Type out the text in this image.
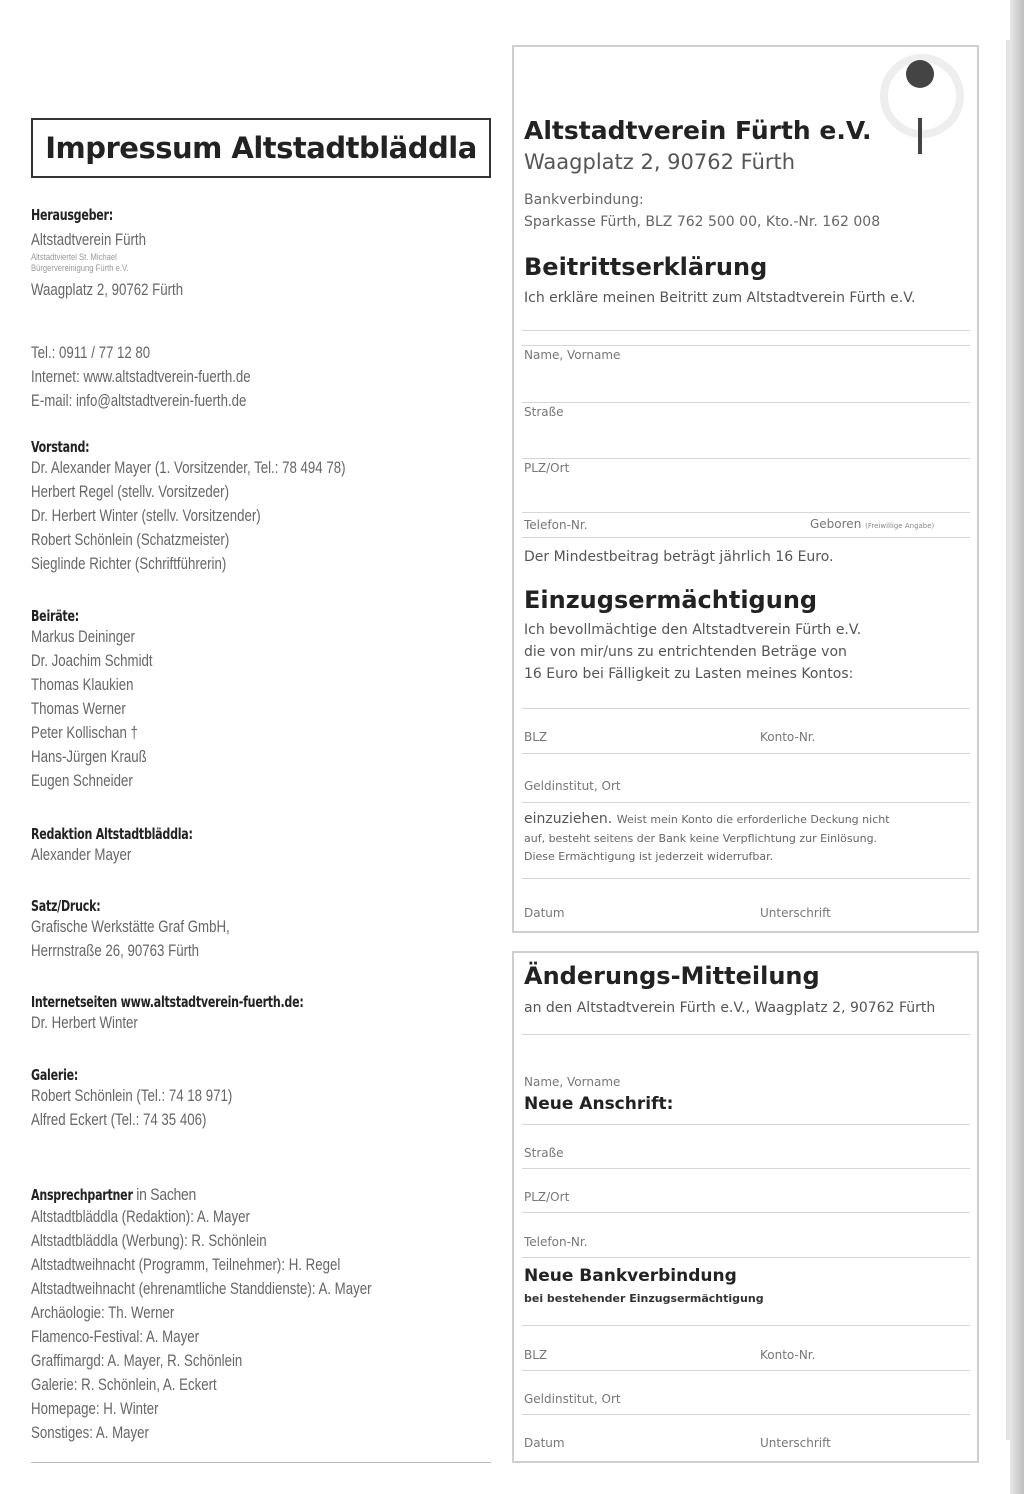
Impressum Altstadtbläddla
Herausgeber:
Altstadtverein Fürth
Altstadtviertel St. Michael
Bürgervereinigung Fürth e.V.
Waagplatz 2, 90762 Fürth
Tel.: 0911 / 77 12 80
Internet: www.altstadtverein-fuerth.de
E-mail: info@altstadtverein-fuerth.de
Vorstand:
Dr. Alexander Mayer (1. Vorsitzender, Tel.: 78 494 78)
Herbert Regel (stellv. Vorsitzeder)
Dr. Herbert Winter (stellv. Vorsitzender)
Robert Schönlein (Schatzmeister)
Sieglinde Richter (Schriftführerin)
Beiräte:
Markus Deininger
Dr. Joachim Schmidt
Thomas Klaukien
Thomas Werner
Peter Kollischan †
Hans-Jürgen Krauß
Eugen Schneider
Redaktion Altstadtbläddla:
Alexander Mayer
Satz/Druck:
Grafische Werkstätte Graf GmbH,
Herrnstraße 26, 90763 Fürth
Internetseiten www.altstadtverein-fuerth.de:
Dr. Herbert Winter
Galerie:
Robert Schönlein (Tel.: 74 18 971)
Alfred Eckert (Tel.: 74 35 406)
Ansprechpartner in Sachen
Altstadtbläddla (Redaktion): A. Mayer
Altstadtbläddla (Werbung): R. Schönlein
Altstadtweihnacht (Programm, Teilnehmer): H. Regel
Altstadtweihnacht (ehrenamtliche Standdienste): A. Mayer
Archäologie: Th. Werner
Flamenco-Festival: A. Mayer
Graffimargd: A. Mayer, R. Schönlein
Galerie: R. Schönlein, A. Eckert
Homepage: H. Winter
Sonstiges: A. Mayer
Altstadtverein Fürth e.V.
Waagplatz 2, 90762 Fürth
Bankverbindung:
Sparkasse Fürth, BLZ 762 500 00, Kto.-Nr. 162 008
Beitrittserklärung
Ich erkläre meinen Beitritt zum Altstadtverein Fürth e.V.
Name, Vorname
Straße
PLZ/Ort
Telefon-Nr.	Geboren (Freiwillige Angabe)
Der Mindestbeitrag beträgt jährlich 16 Euro.
Einzugsermächtigung
Ich bevollmächtige den Altstadtverein Fürth e.V.
die von mir/uns zu entrichtenden Beträge von
16 Euro bei Fälligkeit zu Lasten meines Kontos:
BLZ	Konto-Nr.
Geldinstitut, Ort
einzuziehen. Weist mein Konto die erforderliche Deckung nicht
auf, besteht seitens der Bank keine Verpflichtung zur Einlösung.
Diese Ermächtigung ist jederzeit widerrufbar.
Datum	Unterschrift
Änderungs-Mitteilung
an den Altstadtverein Fürth e.V., Waagplatz 2, 90762 Fürth
Name, Vorname
Neue Anschrift:
Straße
PLZ/Ort
Telefon-Nr.
Neue Bankverbindung
bei bestehender Einzugsermächtigung
BLZ	Konto-Nr.
Geldinstitut, Ort
Datum	Unterschrift
